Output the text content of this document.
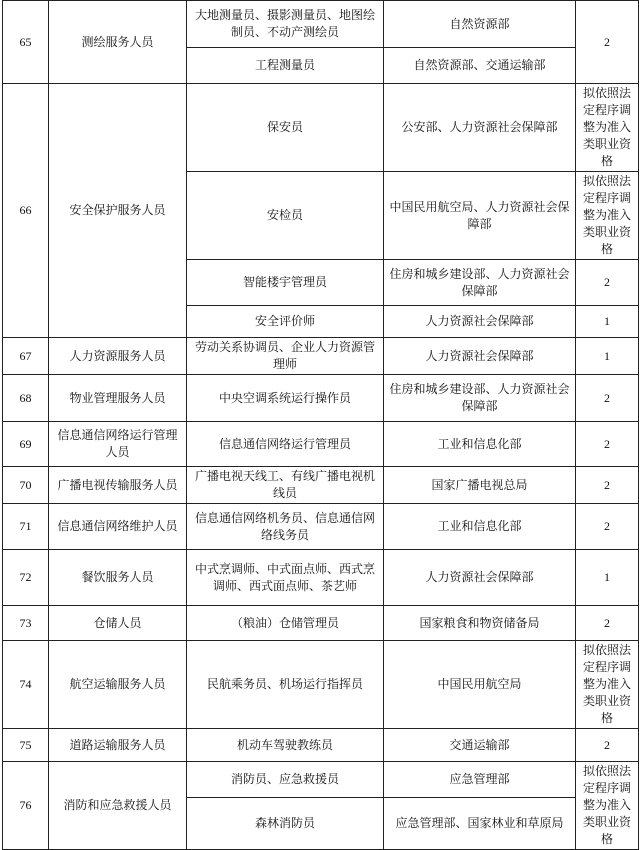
65	测绘服务人员	大地测量员、摄影测量员、地图绘制员、不动产测绘员	自然资源部	2
		工程测量员	自然资源部、交通运输部	
66	安全保护服务人员	保安员	公安部、人力资源社会保障部	拟依照法定程序调整为准入类职业资格
		安检员	中国民用航空局、人力资源社会保障部	拟依照法定程序调整为准入类职业资格
		智能楼宇管理员	住房和城乡建设部、人力资源社会保障部	2
		安全评价师	人力资源社会保障部	1
67	人力资源服务人员	劳动关系协调员、企业人力资源管理师	人力资源社会保障部	1
68	物业管理服务人员	中央空调系统运行操作员	住房和城乡建设部、人力资源社会保障部	2
69	信息通信网络运行管理人员	信息通信网络运行管理员	工业和信息化部	2
70	广播电视传输服务人员	广播电视天线工、有线广播电视机线员	国家广播电视总局	2
71	信息通信网络维护人员	信息通信网络机务员、信息通信网络线务员	工业和信息化部	2
72	餐饮服务人员	中式烹调师、中式面点师、西式烹调师、西式面点师、茶艺师	人力资源社会保障部	1
73	仓储人员	（粮油）仓储管理员	国家粮食和物资储备局	2
74	航空运输服务人员	民航乘务员、机场运行指挥员	中国民用航空局	拟依照法定程序调整为准入类职业资格
75	道路运输服务人员	机动车驾驶教练员	交通运输部	2
76	消防和应急救援人员	消防员、应急救援员	应急管理部	拟依照法定程序调整为准入类职业资格
		森林消防员	应急管理部、国家林业和草原局	
